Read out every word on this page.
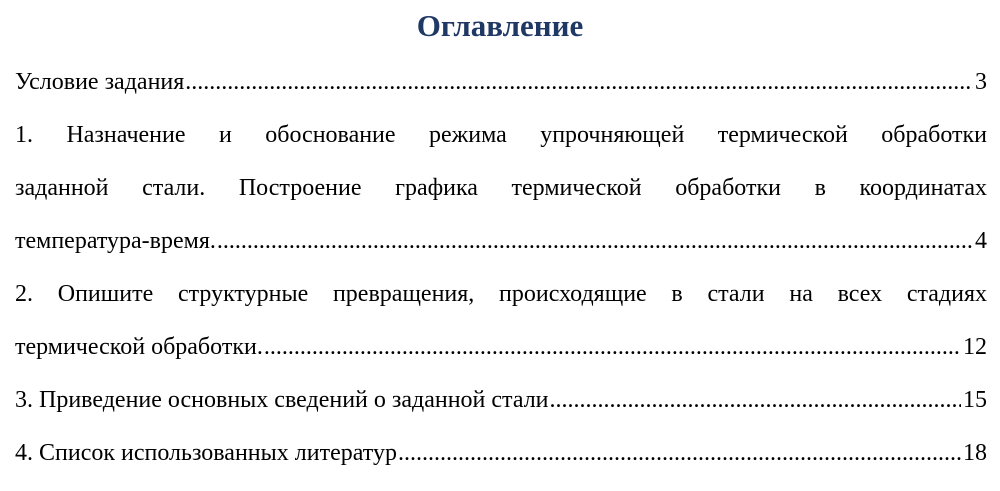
Оглавление
Условие задания .....	3
1. Назначение и обоснование режима упрочняющей термической обработки
заданной стали. Построение графика термической обработки в координатах
температура-время. .....	4
2. Опишите структурные превращения, происходящие в стали на всех стадиях
термической обработки. .....	12
3. Приведение основных сведений о заданной стали .....	15
4. Список использованных литератур .....	18
